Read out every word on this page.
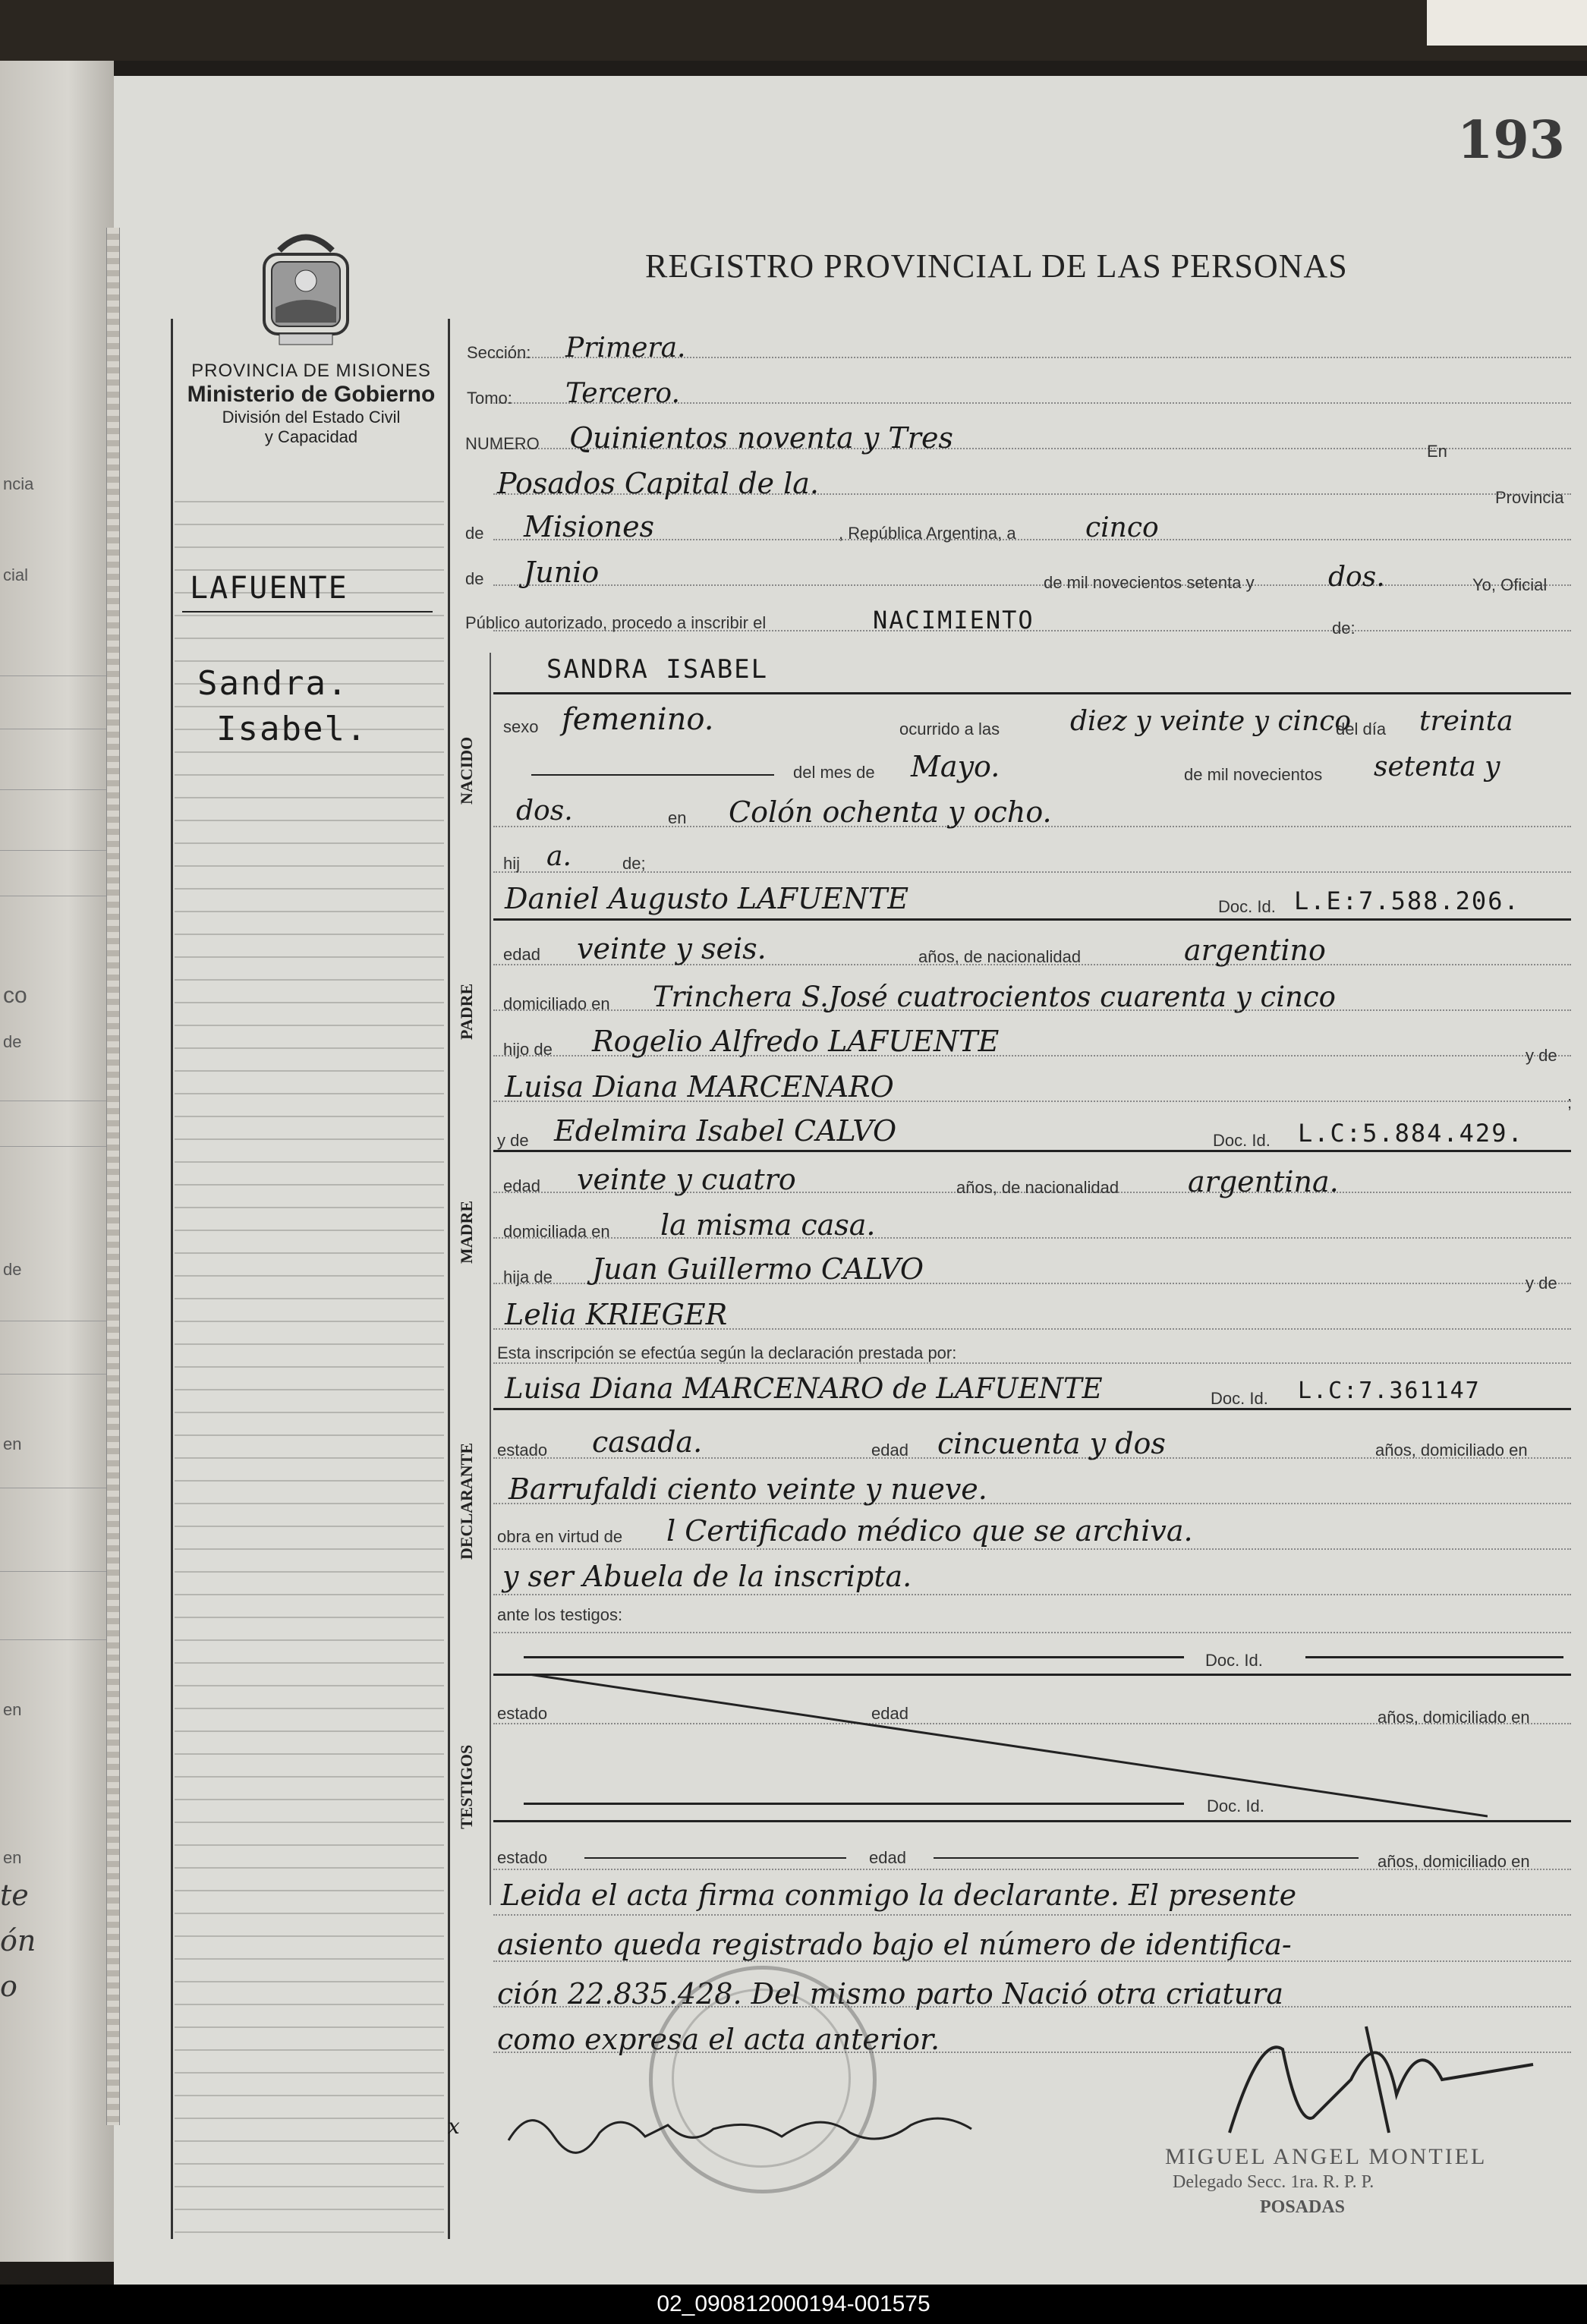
ncia
cial
co
de
de
en
en
en
te
ón
o
193
REGISTRO PROVINCIAL DE LAS PERSONAS
PROVINCIA DE MISIONES
Ministerio de Gobierno
División del Estado Civil
y Capacidad
LAFUENTE
Sandra.
Isabel.
Sección: Primera.
Tomo: Tercero.
NUMERO Quinientos noventa y Tres	En
Posados Capital de la.	Provincia
de Misiones	, República Argentina, a	cinco
de Junio	de mil novecientos setenta y	dos.	Yo, Oficial
Público autorizado, procedo a inscribir el	NACIMIENTO	de:
NACIDO
SANDRA ISABEL
sexo femenino.	ocurrido a las	diez y veinte y cinco
del día treinta
del mes de Mayo.	de mil novecientos setenta y
dos.	en Colón ochenta y ocho.
hij a.	de;
PADRE
Daniel Augusto LAFUENTE	Doc. Id. L.E:7.588.206.
edad veinte y seis.	años, de nacionalidad	argentino
domiciliado en Trinchera S.José cuatrocientos cuarenta y cinco
hijo de Rogelio Alfredo LAFUENTE	y de
Luisa Diana MARCENARO	;
MADRE
y de Edelmira Isabel CALVO	Doc. Id. L.C:5.884.429.
edad veinte y cuatro	años, de nacionalidad argentina.
domiciliada en la misma casa.
hija de Juan Guillermo CALVO	y de
Lelia KRIEGER
Esta inscripción se efectúa según la declaración prestada por:
DECLARANTE
Luisa Diana MARCENARO de LAFUENTE	Doc. Id. L.C:7.361147
estado casada.	edad cincuenta y dos	años, domiciliado en
Barrufaldi ciento veinte y nueve.
obra en virtud de l Certificado médico que se archiva.
y ser Abuela de la inscripta.
ante los testigos:
TESTIGOS
Doc. Id.
estado	edad	años, domiciliado en
Doc. Id.
estado	edad	años, domiciliado en
Leida el acta firma conmigo la declarante. El presente
asiento queda registrado bajo el número de identifica-
ción 22.835.428. Del mismo parto Nació otra criatura
como expresa el acta anterior.
x
MIGUEL ANGEL MONTIEL
Delegado Secc. 1ra. R. P. P.
POSADAS
02_090812000194-001575
